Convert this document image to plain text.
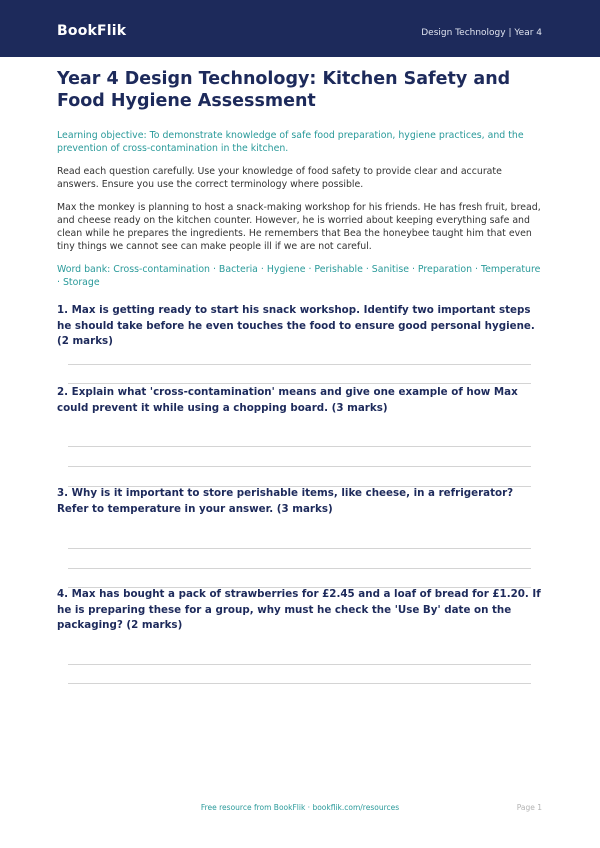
BookFlik	Design Technology | Year 4
Year 4 Design Technology: Kitchen Safety and Food Hygiene Assessment

Learning objective: To demonstrate knowledge of safe food preparation, hygiene practices, and the prevention of cross-contamination in the kitchen.

Read each question carefully. Use your knowledge of food safety to provide clear and accurate answers. Ensure you use the correct terminology where possible.

Max the monkey is planning to host a snack-making workshop for his friends. He has fresh fruit, bread, and cheese ready on the kitchen counter. However, he is worried about keeping everything safe and clean while he prepares the ingredients. He remembers that Bea the honeybee taught him that even tiny things we cannot see can make people ill if we are not careful.

Word bank: Cross-contamination · Bacteria · Hygiene · Perishable · Sanitise · Preparation · Temperature · Storage

1. Max is getting ready to start his snack workshop. Identify two important steps he should take before he even touches the food to ensure good personal hygiene. (2 marks)

2. Explain what 'cross-contamination' means and give one example of how Max could prevent it while using a chopping board. (3 marks)

3. Why is it important to store perishable items, like cheese, in a refrigerator? Refer to temperature in your answer. (3 marks)

4. Max has bought a pack of strawberries for £2.45 and a loaf of bread for £1.20. If he is preparing these for a group, why must he check the 'Use By' date on the packaging? (2 marks)

Free resource from BookFlik · bookflik.com/resources	Page 1
